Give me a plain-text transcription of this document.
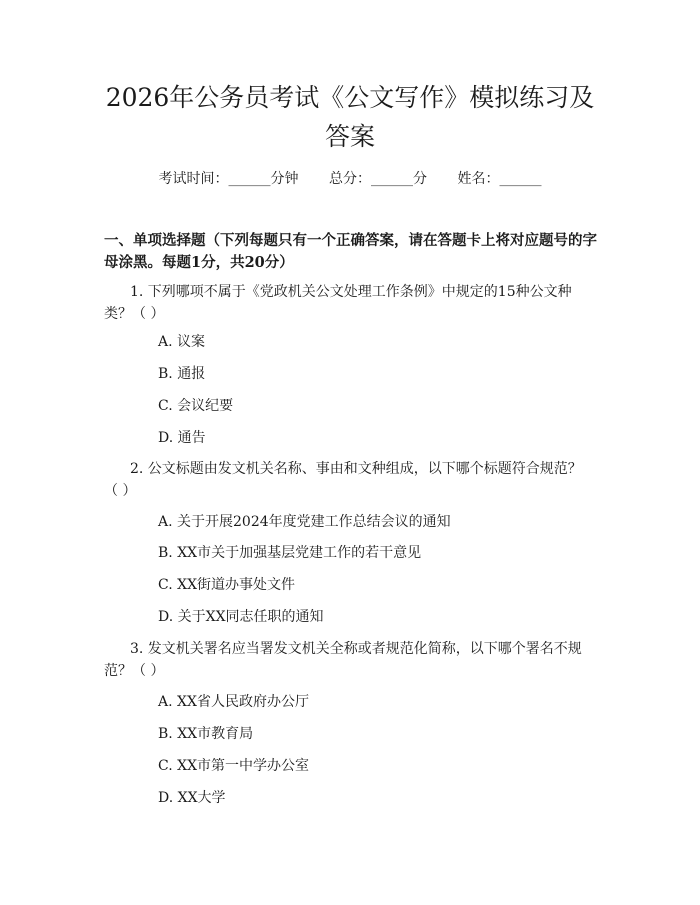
2026年公务员考试《公文写作》模拟练习及
答案
考试时间：______分钟 总分：______分 姓名：______

一、单项选择题（下列每题只有一个正确答案，请在答题卡上将对应题号的字母涂黑。每题1分，共20分）

1. 下列哪项不属于《党政机关公文处理工作条例》中规定的15种公文种类？（ ）

A. 议案

B. 通报

C. 会议纪要

D. 通告

2. 公文标题由发文机关名称、事由和文种组成，以下哪个标题符合规范？（ ）

A. 关于开展2024年度党建工作总结会议的通知

B. XX市关于加强基层党建工作的若干意见

C. XX街道办事处文件

D. 关于XX同志任职的通知

3. 发文机关署名应当署发文机关全称或者规范化简称，以下哪个署名不规范？（ ）

A. XX省人民政府办公厅

B. XX市教育局

C. XX市第一中学办公室

D. XX大学
